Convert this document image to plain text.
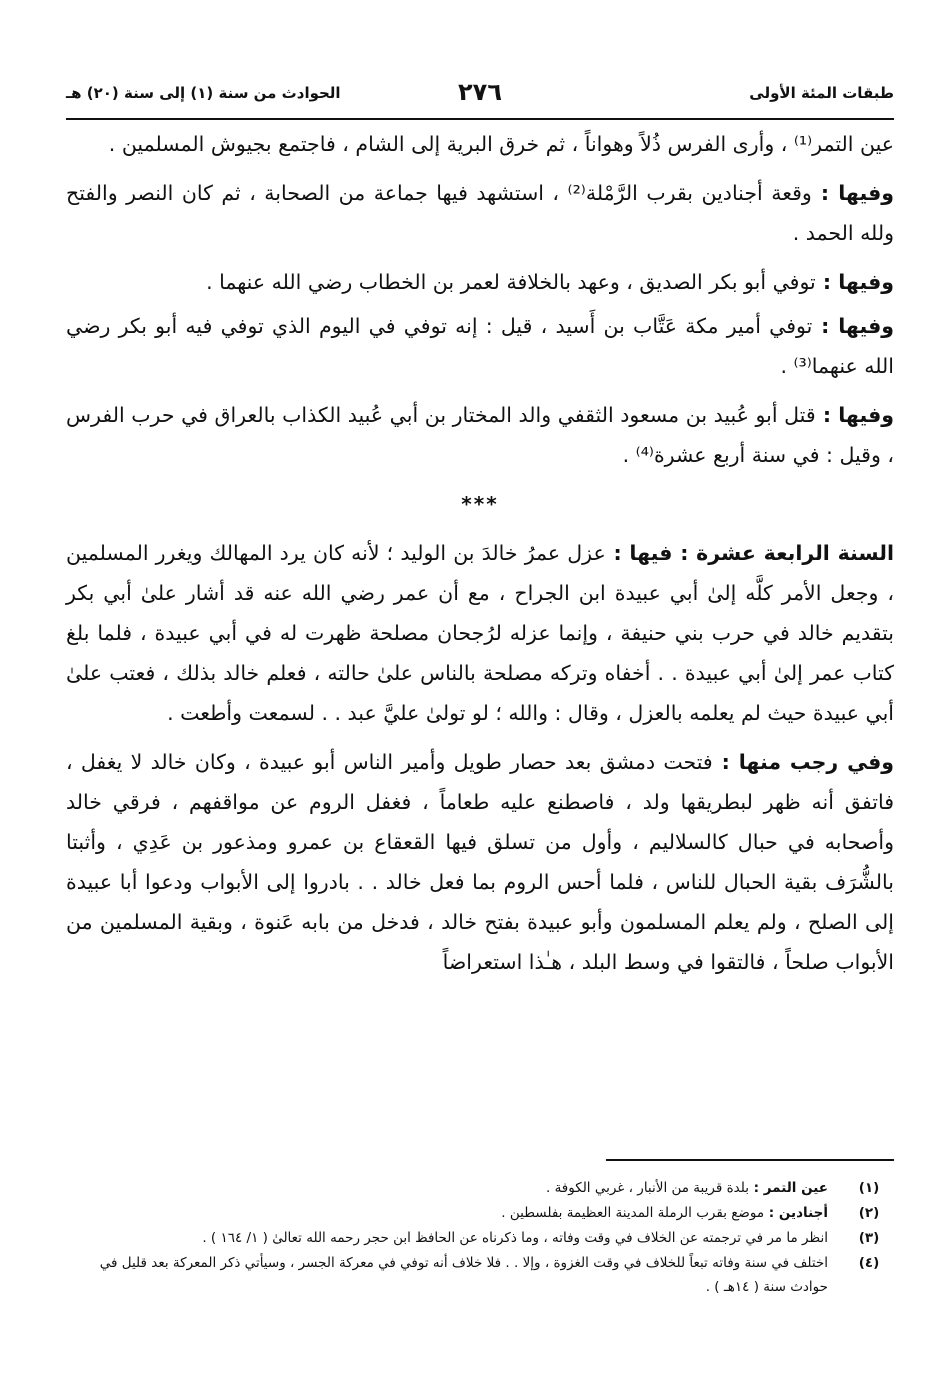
طبقات المئة الأولى
٢٧٦
الحوادث من سنة (١) إلى سنة (٢٠) هـ

عين التمر⁽¹⁾ ، وأرى الفرس ذُلاً وهواناً ، ثم خرق البرية إلى الشام ، فاجتمع بجيوش المسلمين .

وفيها : وقعة أجنادين بقرب الرَّمْلة⁽²⁾ ، استشهد فيها جماعة من الصحابة ، ثم كان النصر والفتح ولله الحمد .

وفيها : توفي أبو بكر الصديق ، وعهد بالخلافة لعمر بن الخطاب رضي الله عنهما .

وفيها : توفي أمير مكة عَتَّاب بن أَسيد ، قيل : إنه توفي في اليوم الذي توفي فيه أبو بكر رضي الله عنهما⁽³⁾ .

وفيها : قتل أبو عُبيد بن مسعود الثقفي والد المختار بن أبي عُبيد الكذاب بالعراق في حرب الفرس ، وقيل : في سنة أربع عشرة⁽⁴⁾ .

***

السنة الرابعة عشرة : فيها : عزل عمرُ خالدَ بن الوليد ؛ لأنه كان يرد المهالك ويغرر المسلمين ، وجعل الأمر كلَّه إلىٰ أبي عبيدة ابن الجراح ، مع أن عمر رضي الله عنه قد أشار علىٰ أبي بكر بتقديم خالد في حرب بني حنيفة ، وإنما عزله لرُجحان مصلحة ظهرت له في أبي عبيدة ، فلما بلغ كتاب عمر إلىٰ أبي عبيدة . . أخفاه وتركه مصلحة بالناس علىٰ حالته ، فعلم خالد بذلك ، فعتب علىٰ أبي عبيدة حيث لم يعلمه بالعزل ، وقال : والله ؛ لو تولىٰ عليَّ عبد . . لسمعت وأطعت .

وفي رجب منها : فتحت دمشق بعد حصار طويل وأمير الناس أبو عبيدة ، وكان خالد لا يغفل ، فاتفق أنه ظهر لبطريقها ولد ، فاصطنع عليه طعاماً ، فغفل الروم عن مواقفهم ، فرقي خالد وأصحابه في حبال كالسلاليم ، وأول من تسلق فيها القعقاع بن عمرو ومذعور بن عَدِي ، وأثبتا بالشُّرَف بقية الحبال للناس ، فلما أحس الروم بما فعل خالد . . بادروا إلى الأبواب ودعوا أبا عبيدة إلى الصلح ، ولم يعلم المسلمون وأبو عبيدة بفتح خالد ، فدخل من بابه عَنوة ، وبقية المسلمين من الأبواب صلحاً ، فالتقوا في وسط البلد ، هـٰذا استعراضاً

(١)
عين التمر : بلدة قريبة من الأنبار ، غربي الكوفة .
(٢)
أجنادين : موضع بقرب الرملة المدينة العظيمة بفلسطين .
(٣)
انظر ما مر في ترجمته عن الخلاف في وقت وفاته ، وما ذكرناه عن الحافظ ابن حجر رحمه الله تعالىٰ ( ١/ ١٦٤ ) .
(٤)
اختلف في سنة وفاته تبعاً للخلاف في وقت الغزوة ، وإلا . . فلا خلاف أنه توفي في معركة الجسر ، وسيأتي ذكر المعركة بعد قليل في حوادث سنة ( ١٤هـ ) .
